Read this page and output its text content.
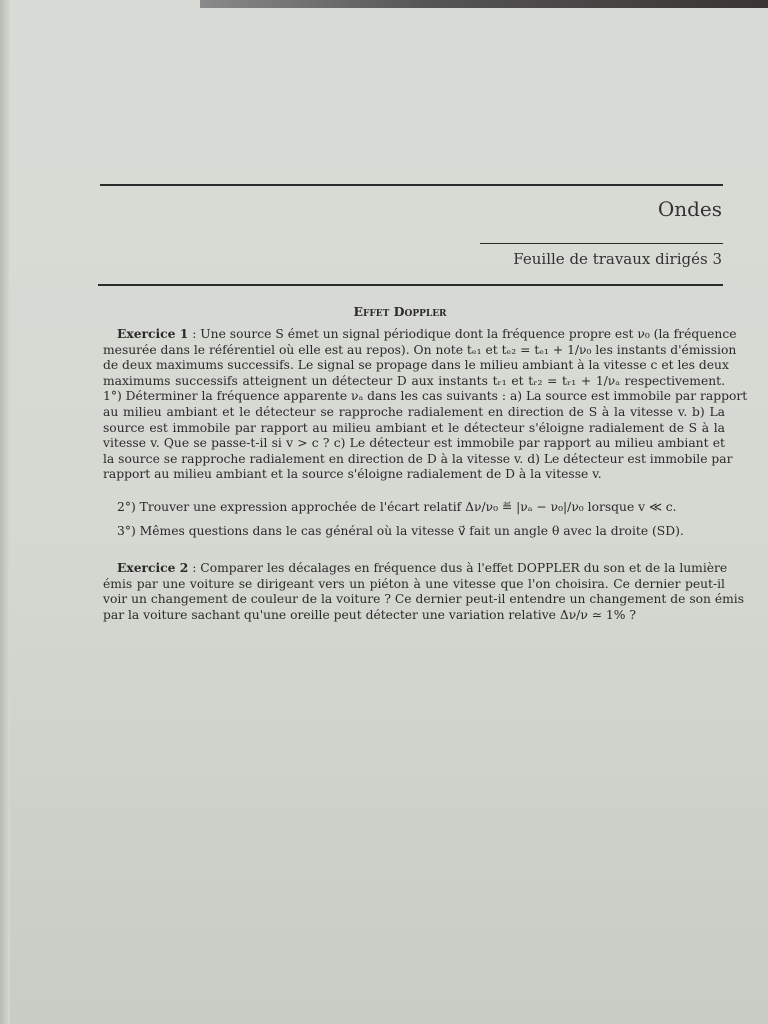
Ondes
Feuille de travaux dirigés 3
Effet Doppler
Exercice 1 : Une source S émet un signal périodique dont la fréquence propre est ν₀ (la fréquence
mesurée dans le référentiel où elle est au repos). On note tₑ₁ et tₑ₂ = tₑ₁ + 1/ν₀ les instants d'émission
de deux maximums successifs. Le signal se propage dans le milieu ambiant à la vitesse c et les deux
maximums successifs atteignent un détecteur D aux instants tᵣ₁ et tᵣ₂ = tᵣ₁ + 1/νₐ respectivement.
1°) Déterminer la fréquence apparente νₐ dans les cas suivants : a) La source est immobile par rapport
au milieu ambiant et le détecteur se rapproche radialement en direction de S à la vitesse v. b) La
source est immobile par rapport au milieu ambiant et le détecteur s'éloigne radialement de S à la
vitesse v. Que se passe-t-il si v > c ? c) Le détecteur est immobile par rapport au milieu ambiant et
la source se rapproche radialement en direction de D à la vitesse v. d) Le détecteur est immobile par
rapport au milieu ambiant et la source s'éloigne radialement de D à la vitesse v.
2°) Trouver une expression approchée de l'écart relatif Δν/ν₀ ≝ |νₐ − ν₀|/ν₀ lorsque v ≪ c.
3°) Mêmes questions dans le cas général où la vitesse v⃗ fait un angle θ avec la droite (SD).
Exercice 2 : Comparer les décalages en fréquence dus à l'effet DOPPLER du son et de la lumière
émis par une voiture se dirigeant vers un piéton à une vitesse que l'on choisira. Ce dernier peut-il
voir un changement de couleur de la voiture ? Ce dernier peut-il entendre un changement de son émis
par la voiture sachant qu'une oreille peut détecter une variation relative Δν/ν ≃ 1% ?
